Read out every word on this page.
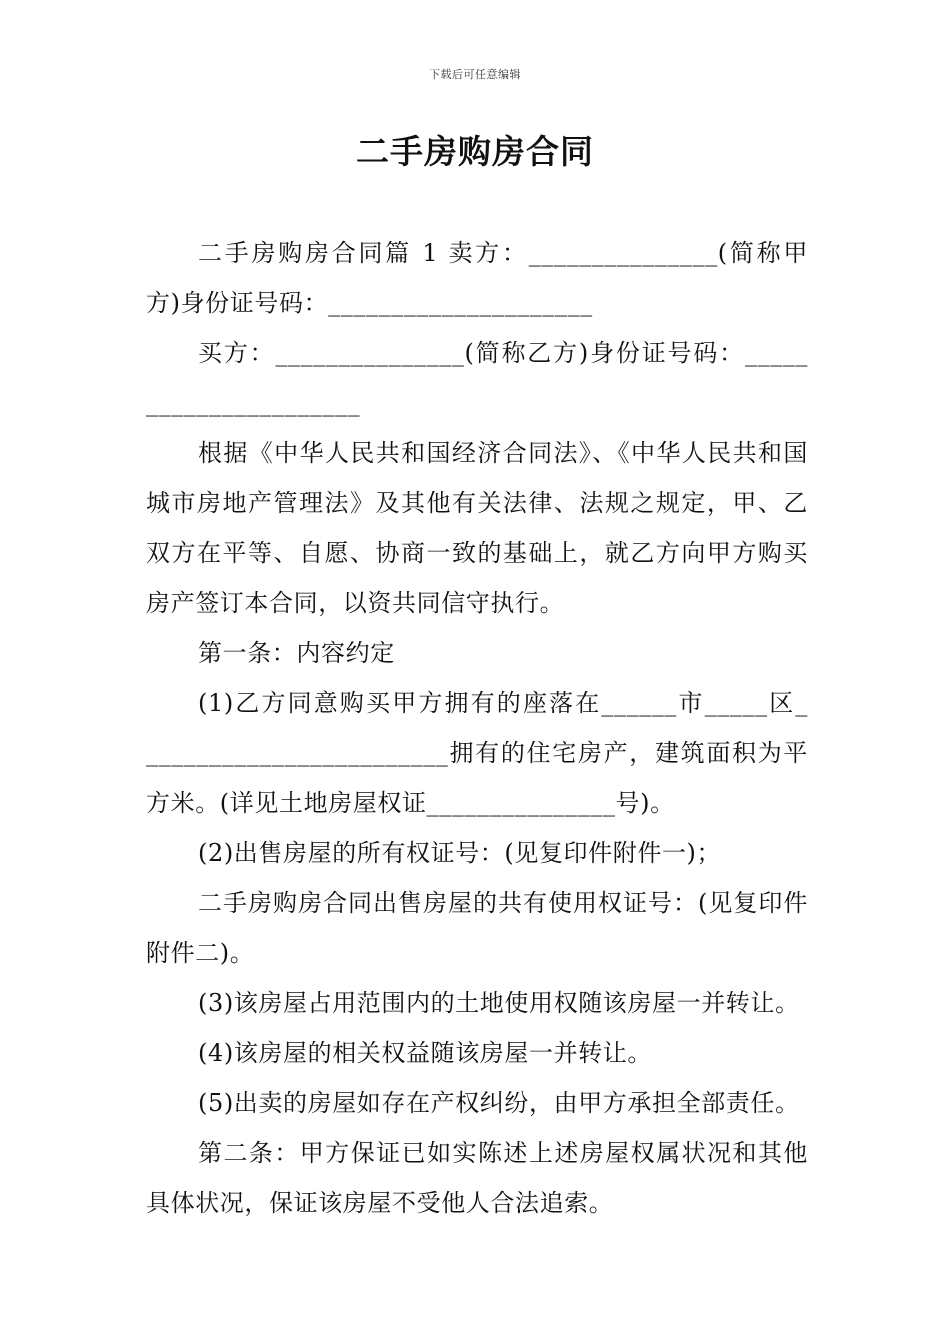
下载后可任意编辑
二手房购房合同

二手房购房合同篇 1 卖方：_______________(简称甲方)身份证号码：_____________________

买方：_______________(简称乙方)身份证号码：_____ _________________

根据《中华人民共和国经济合同法》、《中华人民共和国城市房地产管理法》及其他有关法律、法规之规定，甲、乙双方在平等、自愿、协商一致的基础上，就乙方向甲方购买房产签订本合同，以资共同信守执行。

第一条：内容约定

(1)乙方同意购买甲方拥有的座落在______市_____区_ ________________________拥有的住宅房产，建筑面积为平方米。(详见土地房屋权证_______________号)。

(2)出售房屋的所有权证号：(见复印件附件一)；

二手房购房合同出售房屋的共有使用权证号：(见复印件附件二)。

(3)该房屋占用范围内的土地使用权随该房屋一并转让。

(4)该房屋的相关权益随该房屋一并转让。

(5)出卖的房屋如存在产权纠纷，由甲方承担全部责任。

第二条：甲方保证已如实陈述上述房屋权属状况和其他具体状况，保证该房屋不受他人合法追索。
